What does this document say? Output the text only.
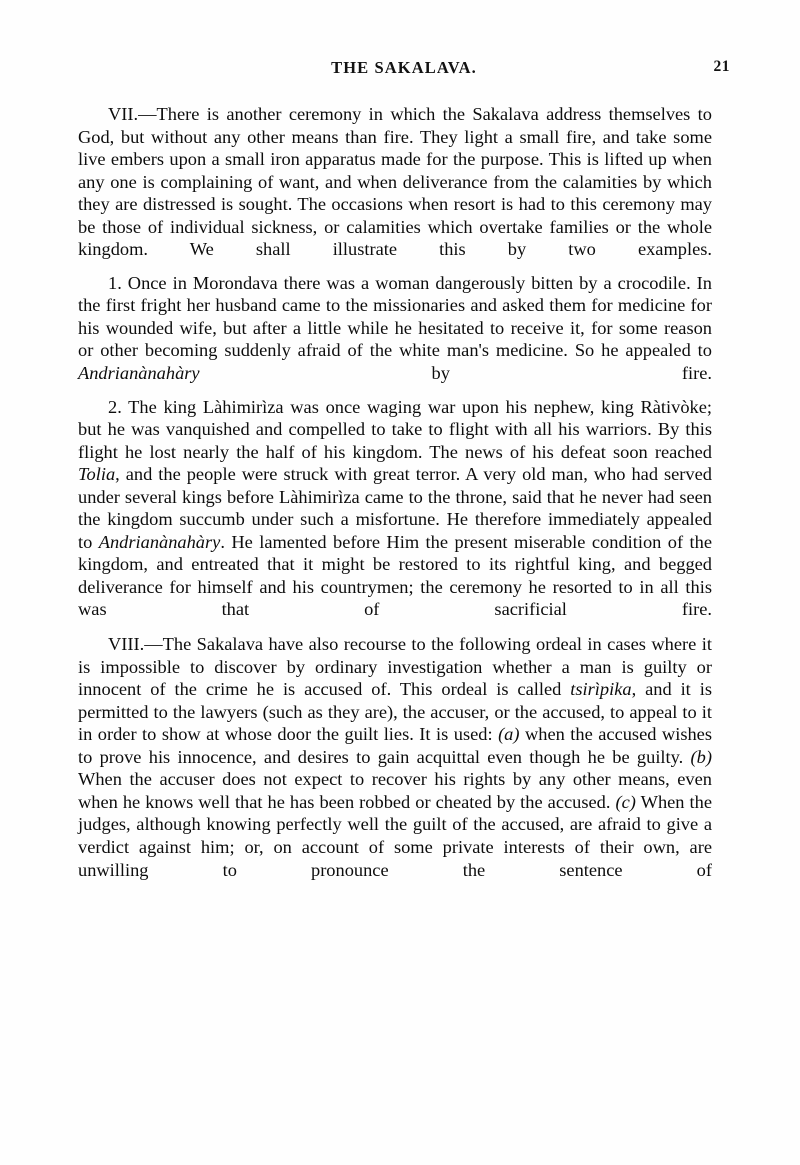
THE SAKALAVA.	21

VII.—There is another ceremony in which the Sakalava address themselves to God, but without any other means than fire. They light a small fire, and take some live embers upon a small iron apparatus made for the purpose. This is lifted up when any one is complaining of want, and when deliverance from the calamities by which they are distressed is sought. The occasions when resort is had to this ceremony may be those of individual sickness, or calamities which overtake families or the whole kingdom. We shall illustrate this by two examples.

1. Once in Morondava there was a woman dangerously bitten by a crocodile. In the first fright her husband came to the missionaries and asked them for medicine for his wounded wife, but after a little while he hesitated to receive it, for some reason or other becoming suddenly afraid of the white man's medicine. So he appealed to Andrianànahàry by fire.

2. The king Làhimirìza was once waging war upon his nephew, king Ràtivòke; but he was vanquished and compelled to take to flight with all his warriors. By this flight he lost nearly the half of his kingdom. The news of his defeat soon reached Tolia, and the people were struck with great terror. A very old man, who had served under several kings before Làhimirìza came to the throne, said that he never had seen the kingdom succumb under such a misfortune. He therefore immediately appealed to Andrianànahàry. He lamented before Him the present miserable condition of the kingdom, and entreated that it might be restored to its rightful king, and begged deliverance for himself and his countrymen; the ceremony he resorted to in all this was that of sacrificial fire.

VIII.—The Sakalava have also recourse to the following ordeal in cases where it is impossible to discover by ordinary investigation whether a man is guilty or innocent of the crime he is accused of. This ordeal is called tsirìpika, and it is permitted to the lawyers (such as they are), the accuser, or the accused, to appeal to it in order to show at whose door the guilt lies. It is used: (a) when the accused wishes to prove his innocence, and desires to gain acquittal even though he be guilty. (b) When the accuser does not expect to recover his rights by any other means, even when he knows well that he has been robbed or cheated by the accused. (c) When the judges, although knowing perfectly well the guilt of the accused, are afraid to give a verdict against him; or, on account of some private interests of their own, are unwilling to pronounce the sentence of
